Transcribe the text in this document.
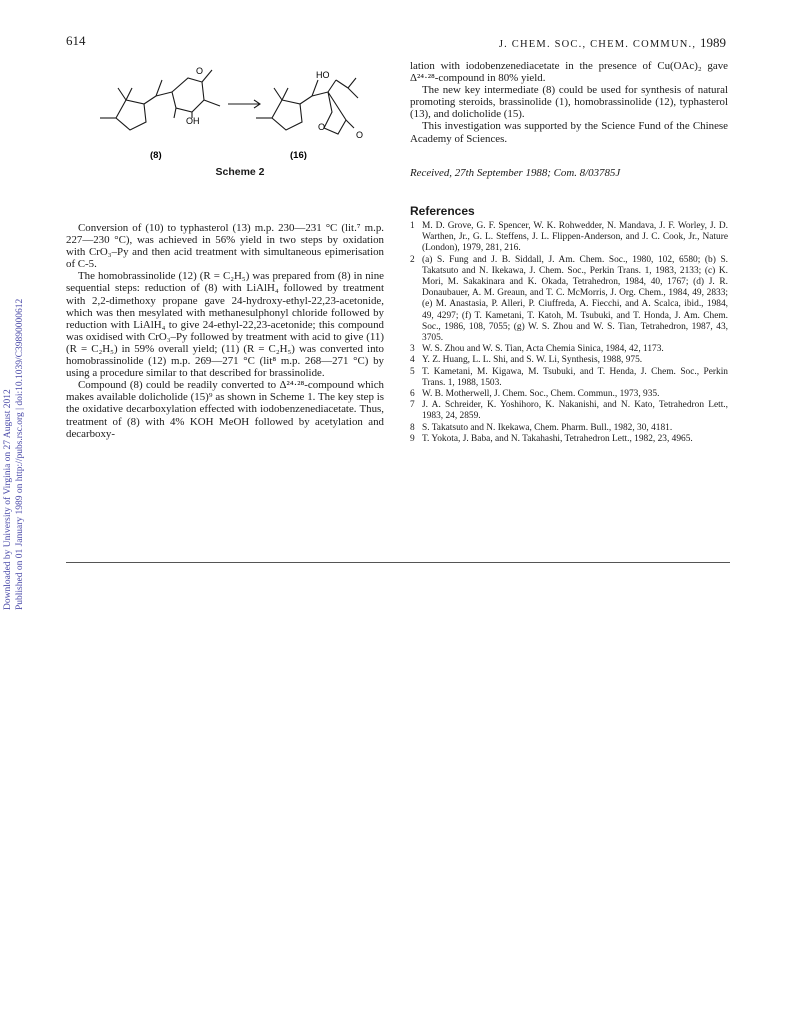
614	J. CHEM. SOC., CHEM. COMMUN., 1989
Downloaded by University of Virginia on 27 August 2012 Published on 01 January 1989 on http://pubs.rsc.org | doi:10.1039/C39890000612
O
OH
HO
O
O
(8)	(16)
Scheme 2

Conversion of (10) to typhasterol (13) m.p. 230—231 °C (lit.⁷ m.p. 227—230 °C), was achieved in 56% yield in two steps by oxidation with CrO₃–Py and then acid treatment with simultaneous epimerisation of C-5.

The homobrassinolide (12) (R = C₂H₅) was prepared from (8) in nine sequential steps: reduction of (8) with LiAlH₄ followed by treatment with 2,2-dimethoxy propane gave 24-hydroxy-ethyl-22,23-acetonide, which was then mesylated with methanesulphonyl chloride followed by reduction with LiAlH₄ to give 24-ethyl-22,23-acetonide; this compound was oxidised with CrO₃–Py followed by treatment with acid to give (11) (R = C₂H₅) in 59% overall yield; (11) (R = C₂H₅) was converted into homobrassinolide (12) m.p. 269—271 °C (lit⁸ m.p. 268—271 °C) by using a procedure similar to that described for brassinolide.

Compound (8) could be readily converted to Δ²⁴·²⁸-compound which makes available dolicholide (15)⁹ as shown in Scheme 1. The key step is the oxidative decarboxylation effected with iodobenzenediacetate. Thus, treatment of (8) with 4% KOH MeOH followed by acetylation and decarboxy-

lation with iodobenzenediacetate in the presence of Cu(OAc)₂ gave Δ²⁴·²⁸-compound in 80% yield.

The new key intermediate (8) could be used for synthesis of natural promoting steroids, brassinolide (1), homobrassinolide (12), typhasterol (13), and dolicholide (15).

This investigation was supported by the Science Fund of the Chinese Academy of Sciences.

Received, 27th September 1988; Com. 8/03785J
References
1 M. D. Grove, G. F. Spencer, W. K. Rohwedder, N. Mandava, J. F. Worley, J. D. Warthen, Jr., G. L. Steffens, J. L. Flippen-Anderson, and J. C. Cook, Jr., Nature (London), 1979, 281, 216.
2 (a) S. Fung and J. B. Siddall, J. Am. Chem. Soc., 1980, 102, 6580; (b) S. Takatsuto and N. Ikekawa, J. Chem. Soc., Perkin Trans. 1, 1983, 2133; (c) K. Mori, M. Sakakinara and K. Okada, Tetrahedron, 1984, 40, 1767; (d) J. R. Donaubauer, A. M. Greaun, and T. C. McMorris, J. Org. Chem., 1984, 49, 2833; (e) M. Anastasia, P. Alleri, P. Ciuffreda, A. Fiecchi, and A. Scalca, ibid., 1984, 49, 4297; (f) T. Kametani, T. Katoh, M. Tsubuki, and T. Honda, J. Am. Chem. Soc., 1986, 108, 7055; (g) W. S. Zhou and W. S. Tian, Tetrahedron, 1987, 43, 3705.
3 W. S. Zhou and W. S. Tian, Acta Chemia Sinica, 1984, 42, 1173.
4 Y. Z. Huang, L. L. Shi, and S. W. Li, Synthesis, 1988, 975.
5 T. Kametani, M. Kigawa, M. Tsubuki, and T. Henda, J. Chem. Soc., Perkin Trans. 1, 1988, 1503.
6 W. B. Motherwell, J. Chem. Soc., Chem. Commun., 1973, 935.
7 J. A. Schreider, K. Yoshihoro, K. Nakanishi, and N. Kato, Tetrahedron Lett., 1983, 24, 2859.
8 S. Takatsuto and N. Ikekawa, Chem. Pharm. Bull., 1982, 30, 4181.
9 T. Yokota, J. Baba, and N. Takahashi, Tetrahedron Lett., 1982, 23, 4965.
